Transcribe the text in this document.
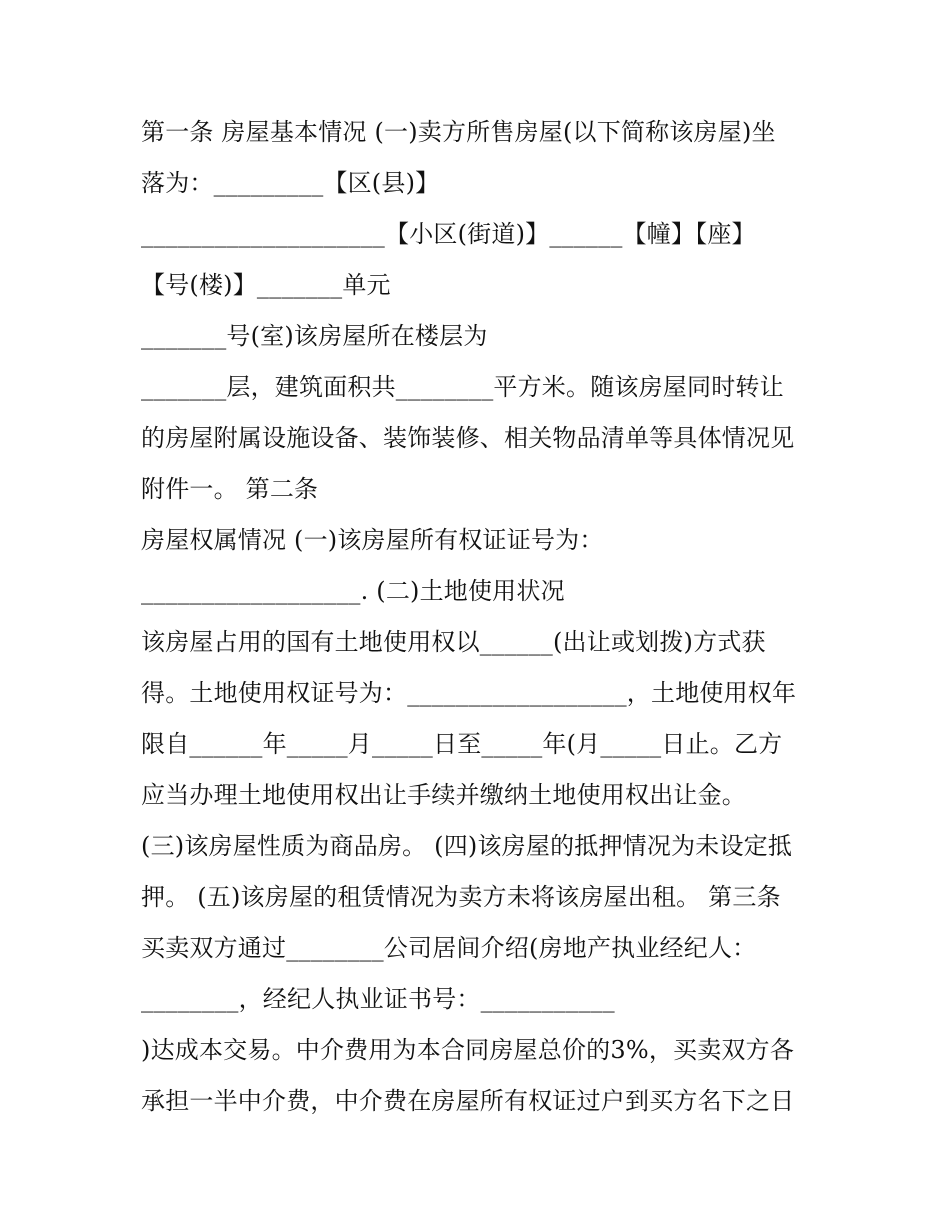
第一条 房屋基本情况 (一)卖方所售房屋(以下简称该房屋)坐
落为：_________【区(县)】
____________________【小区(街道)】______【幢】【座】
【号(楼)】_______单元
_______号(室)该房屋所在楼层为
_______层，建筑面积共________平方米。随该房屋同时转让
的房屋附属设施设备、装饰装修、相关物品清单等具体情况见
附件一。 第二条
房屋权属情况 (一)该房屋所有权证证号为：
__________________. (二)土地使用状况
该房屋占用的国有土地使用权以______(出让或划拨)方式获
得。土地使用权证号为：__________________，土地使用权年
限自______年_____月_____日至_____年(月_____日止。乙方
应当办理土地使用权出让手续并缴纳土地使用权出让金。
(三)该房屋性质为商品房。 (四)该房屋的抵押情况为未设定抵
押。 (五)该房屋的租赁情况为卖方未将该房屋出租。 第三条
买卖双方通过________公司居间介绍(房地产执业经纪人：
________，经纪人执业证书号：___________
)达成本交易。中介费用为本合同房屋总价的3%，买卖双方各
承担一半中介费，中介费在房屋所有权证过户到买方名下之日
